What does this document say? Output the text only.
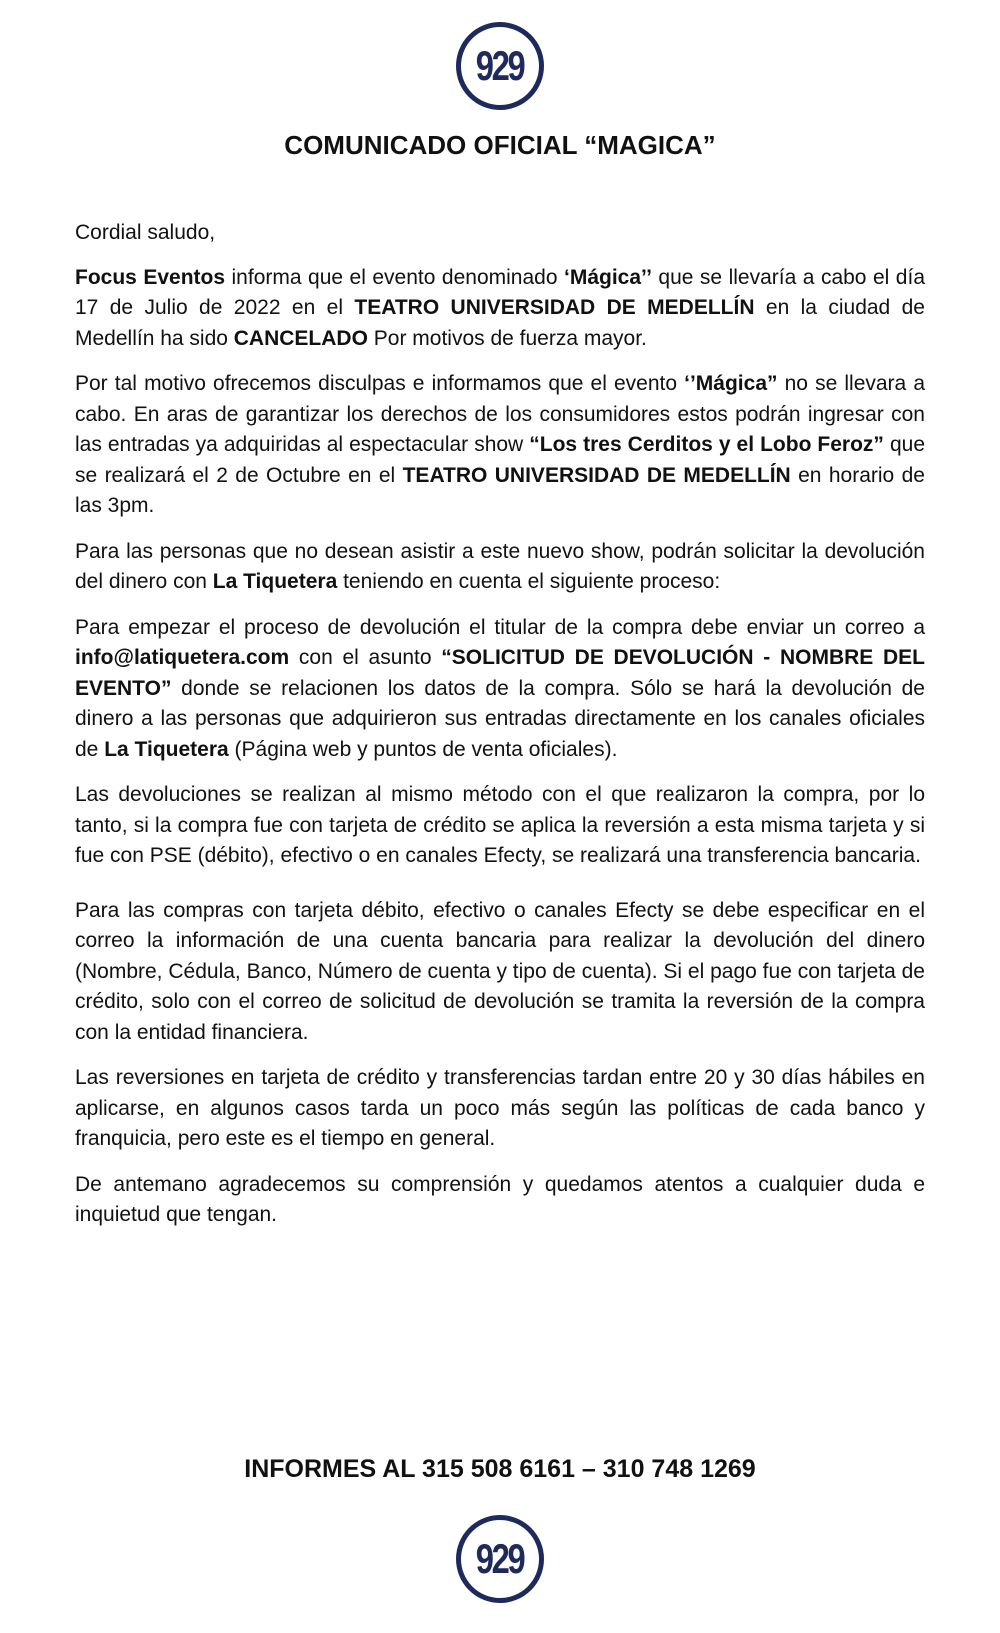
929
COMUNICADO OFICIAL “MAGICA”

Cordial saludo,

Focus Eventos informa que el evento denominado ‘Mágica’’ que se llevaría a cabo el día 17 de Julio de 2022 en el TEATRO UNIVERSIDAD DE MEDELLÍN en la ciudad de Medellín ha sido CANCELADO Por motivos de fuerza mayor.

Por tal motivo ofrecemos disculpas e informamos que el evento ‘’Mágica” no se llevara a cabo. En aras de garantizar los derechos de los consumidores estos podrán ingresar con las entradas ya adquiridas al espectacular show “Los tres Cerditos y el Lobo Feroz” que se realizará el 2 de Octubre en el TEATRO UNIVERSIDAD DE MEDELLÍN en horario de las 3pm.

Para las personas que no desean asistir a este nuevo show, podrán solicitar la devolución del dinero con La Tiquetera teniendo en cuenta el siguiente proceso:

Para empezar el proceso de devolución el titular de la compra debe enviar un correo a info@latiquetera.com con el asunto “SOLICITUD DE DEVOLUCIÓN - NOMBRE DEL EVENTO” donde se relacionen los datos de la compra. Sólo se hará la devolución de dinero a las personas que adquirieron sus entradas directamente en los canales oficiales de La Tiquetera (Página web y puntos de venta oficiales).

Las devoluciones se realizan al mismo método con el que realizaron la compra, por lo tanto, si la compra fue con tarjeta de crédito se aplica la reversión a esta misma tarjeta y si fue con PSE (débito), efectivo o en canales Efecty, se realizará una transferencia bancaria.

Para las compras con tarjeta débito, efectivo o canales Efecty se debe especificar en el correo la información de una cuenta bancaria para realizar la devolución del dinero (Nombre, Cédula, Banco, Número de cuenta y tipo de cuenta). Si el pago fue con tarjeta de crédito, solo con el correo de solicitud de devolución se tramita la reversión de la compra con la entidad financiera.

Las reversiones en tarjeta de crédito y transferencias tardan entre 20 y 30 días hábiles en aplicarse, en algunos casos tarda un poco más según las políticas de cada banco y franquicia, pero este es el tiempo en general.

De antemano agradecemos su comprensión y quedamos atentos a cualquier duda e inquietud que tengan.

INFORMES AL 315 508 6161 – 310 748 1269
929
